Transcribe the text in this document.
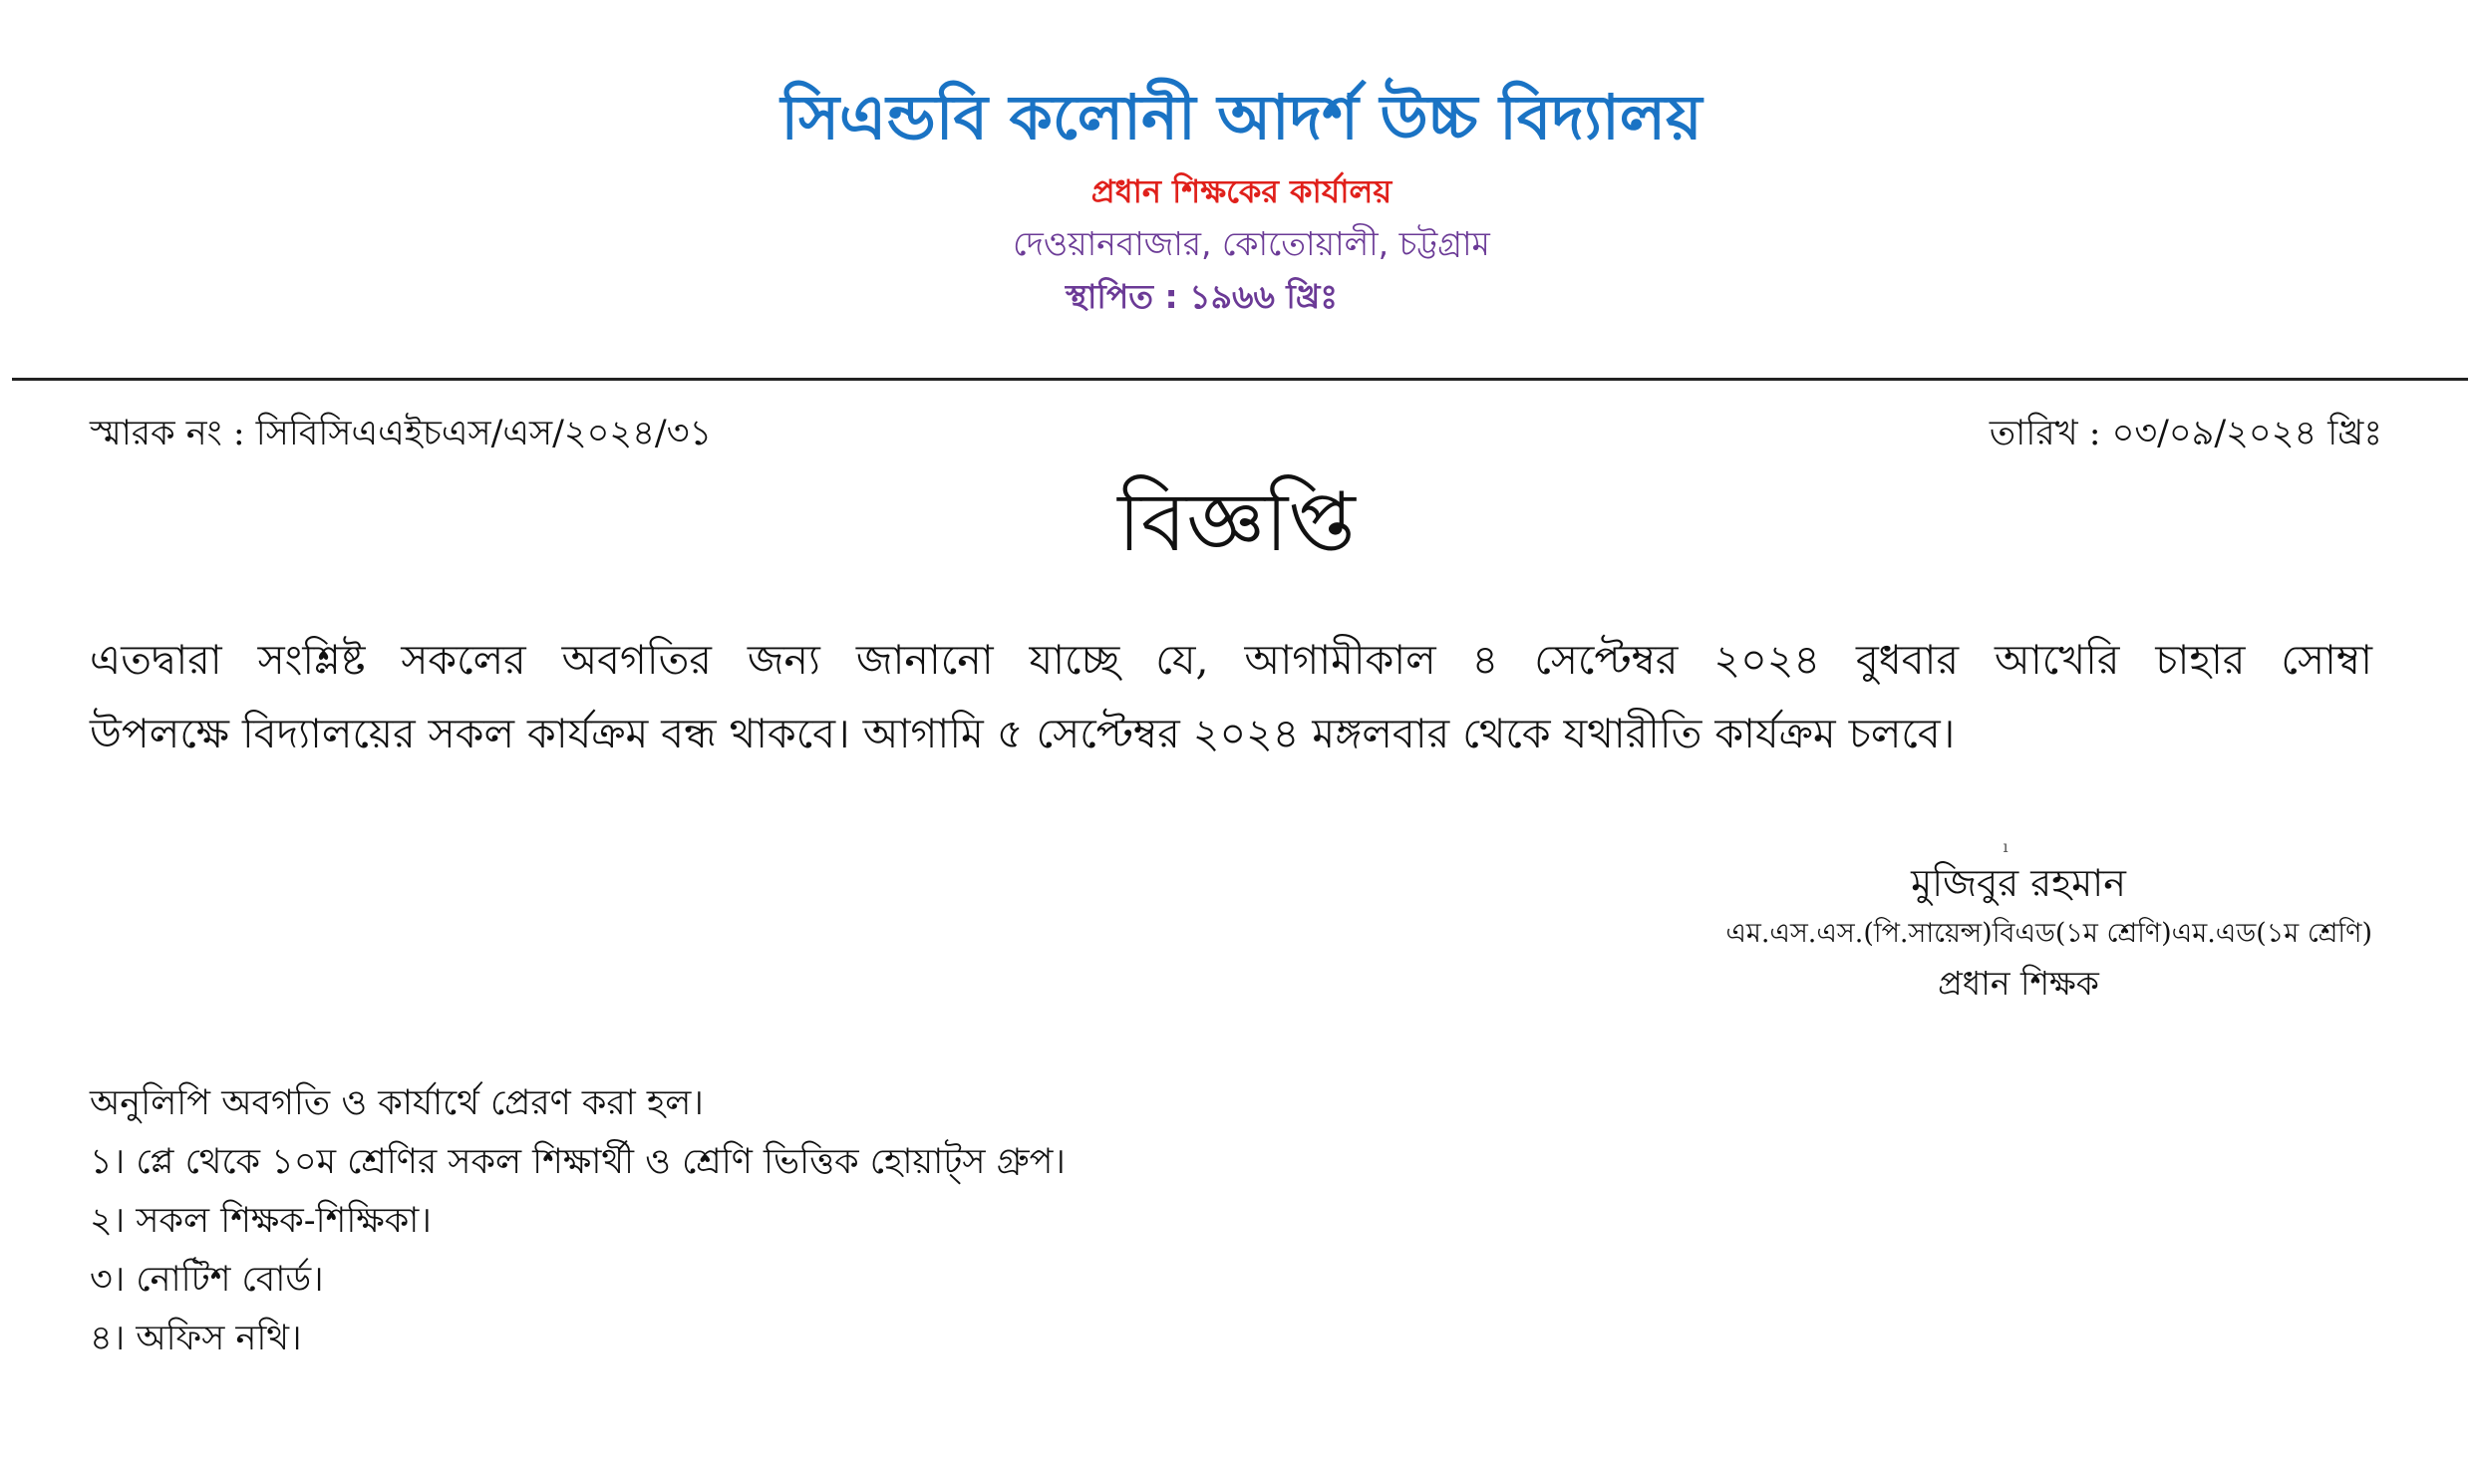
সিএন্ডবি কলোনী আদর্শ উচ্চ বিদ্যালয়
প্রধান শিক্ষকের কার্যালয়
দেওয়ানবাজার, কোতোয়ালী, চট্টগ্রাম
স্থাপিত : ১৯৬৬ খ্রিঃ
স্মারক নং : সিবিসিএএইচএস/এস/২০২৪/৩১	তারিখ : ০৩/০৯/২০২৪ খ্রিঃ
বিজ্ঞপ্তি
এতদ্বারা সংশ্লিষ্ট সকলের অবগতির জন্য জানানো যাচ্ছে যে, আগামীকাল ৪ সেপ্টেম্বর ২০২৪ বুধবার আখেরি চাহার সোম্বা
উপলক্ষে বিদ্যালয়ের সকল কার্যক্রম বন্ধ থাকবে। আগামি ৫ সেপ্টেম্বর ২০২৪ মঙ্গলবার থেকে যথারীতি কার্যক্রম চলবে।
ı
মুজিবুর রহমান
এম.এস.এস.(পি.সায়েন্স)বিএড(১ম শ্রেণি)এম.এড(১ম শ্রেণি)
প্রধান শিক্ষক
অনুলিপি অবগতি ও কার্যার্থে প্রেরণ করা হল।
১। প্লে থেকে ১০ম শ্রেণির সকল শিক্ষার্থী ও শ্রেণি ভিত্তিক হোয়াট্স গ্রুপ।
২। সকল শিক্ষক-শিক্ষিকা।
৩। নোটিশ বোর্ড।
৪। অফিস নথি।
